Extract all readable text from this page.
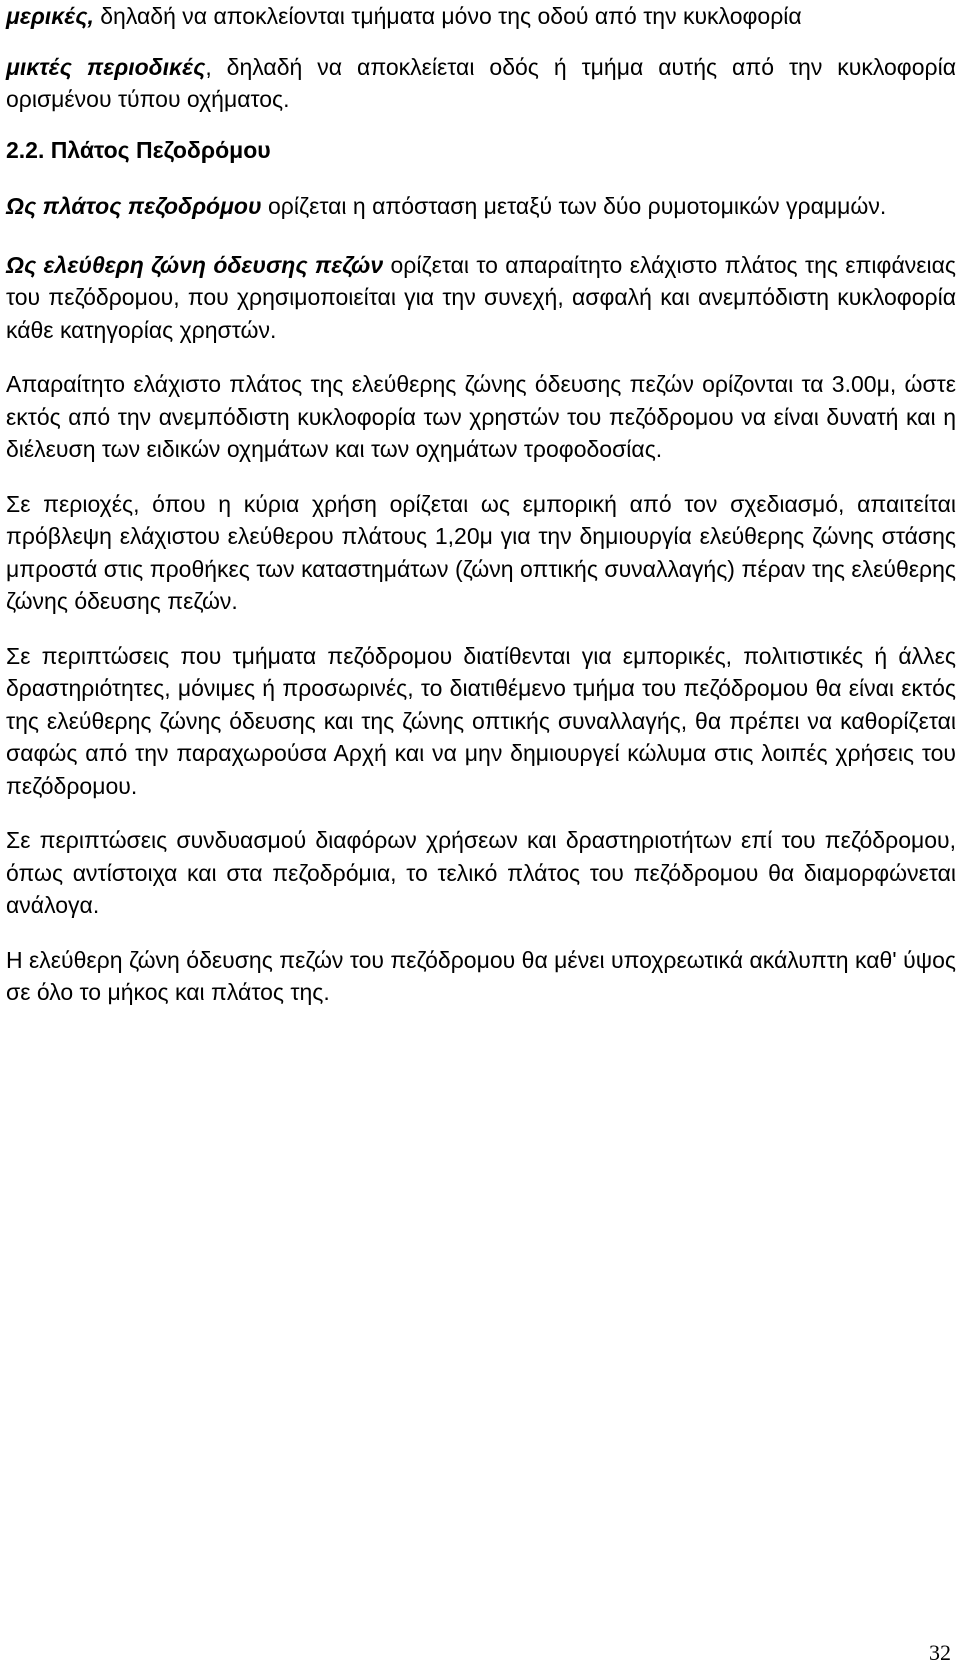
μερικές, δηλαδή να αποκλείονται τμήματα μόνο της οδού από την κυκλοφορία

μικτές περιοδικές, δηλαδή να αποκλείεται οδός ή τμήμα αυτής από την κυκλοφορία ορισμένου τύπου οχήματος.

2.2. Πλάτος Πεζοδρόμου

Ως πλάτος πεζοδρόμου ορίζεται η απόσταση μεταξύ των δύο ρυμοτομικών γραμμών.

Ως ελεύθερη ζώνη όδευσης πεζών ορίζεται το απαραίτητο ελάχιστο πλάτος της επιφάνειας του πεζόδρομου, που χρησιμοποιείται για την συνεχή, ασφαλή και ανεμπόδιστη κυκλοφορία κάθε κατηγορίας χρηστών.

Απαραίτητο ελάχιστο πλάτος της ελεύθερης ζώνης όδευσης πεζών ορίζονται τα 3.00μ, ώστε εκτός από την ανεμπόδιστη κυκλοφορία των χρηστών του πεζόδρομου να είναι δυνατή και η διέλευση των ειδικών οχημάτων και των οχημάτων τροφοδοσίας.

Σε περιοχές, όπου η κύρια χρήση ορίζεται ως εμπορική από τον σχεδιασμό, απαιτείται πρόβλεψη ελάχιστου ελεύθερου πλάτους 1,20μ για την δημιουργία ελεύθερης ζώνης στάσης μπροστά στις προθήκες των καταστημάτων (ζώνη οπτικής συναλλαγής) πέραν της ελεύθερης ζώνης όδευσης πεζών.

Σε περιπτώσεις που τμήματα πεζόδρομου διατίθενται για εμπορικές, πολιτιστικές ή άλλες δραστηριότητες, μόνιμες ή προσωρινές, το διατιθέμενο τμήμα του πεζόδρομου θα είναι εκτός της ελεύθερης ζώνης όδευσης και της ζώνης οπτικής συναλλαγής, θα πρέπει να καθορίζεται σαφώς από την παραχωρούσα Αρχή και να μην δημιουργεί κώλυμα στις λοιπές χρήσεις του πεζόδρομου.

Σε περιπτώσεις συνδυασμού διαφόρων χρήσεων και δραστηριοτήτων επί του πεζόδρομου, όπως αντίστοιχα και στα πεζοδρόμια, το τελικό πλάτος του πεζόδρομου θα διαμορφώνεται ανάλογα.

Η ελεύθερη ζώνη όδευσης πεζών του πεζόδρομου θα μένει υποχρεωτικά ακάλυπτη καθ' ύψος σε όλο το μήκος και πλάτος της.

32
